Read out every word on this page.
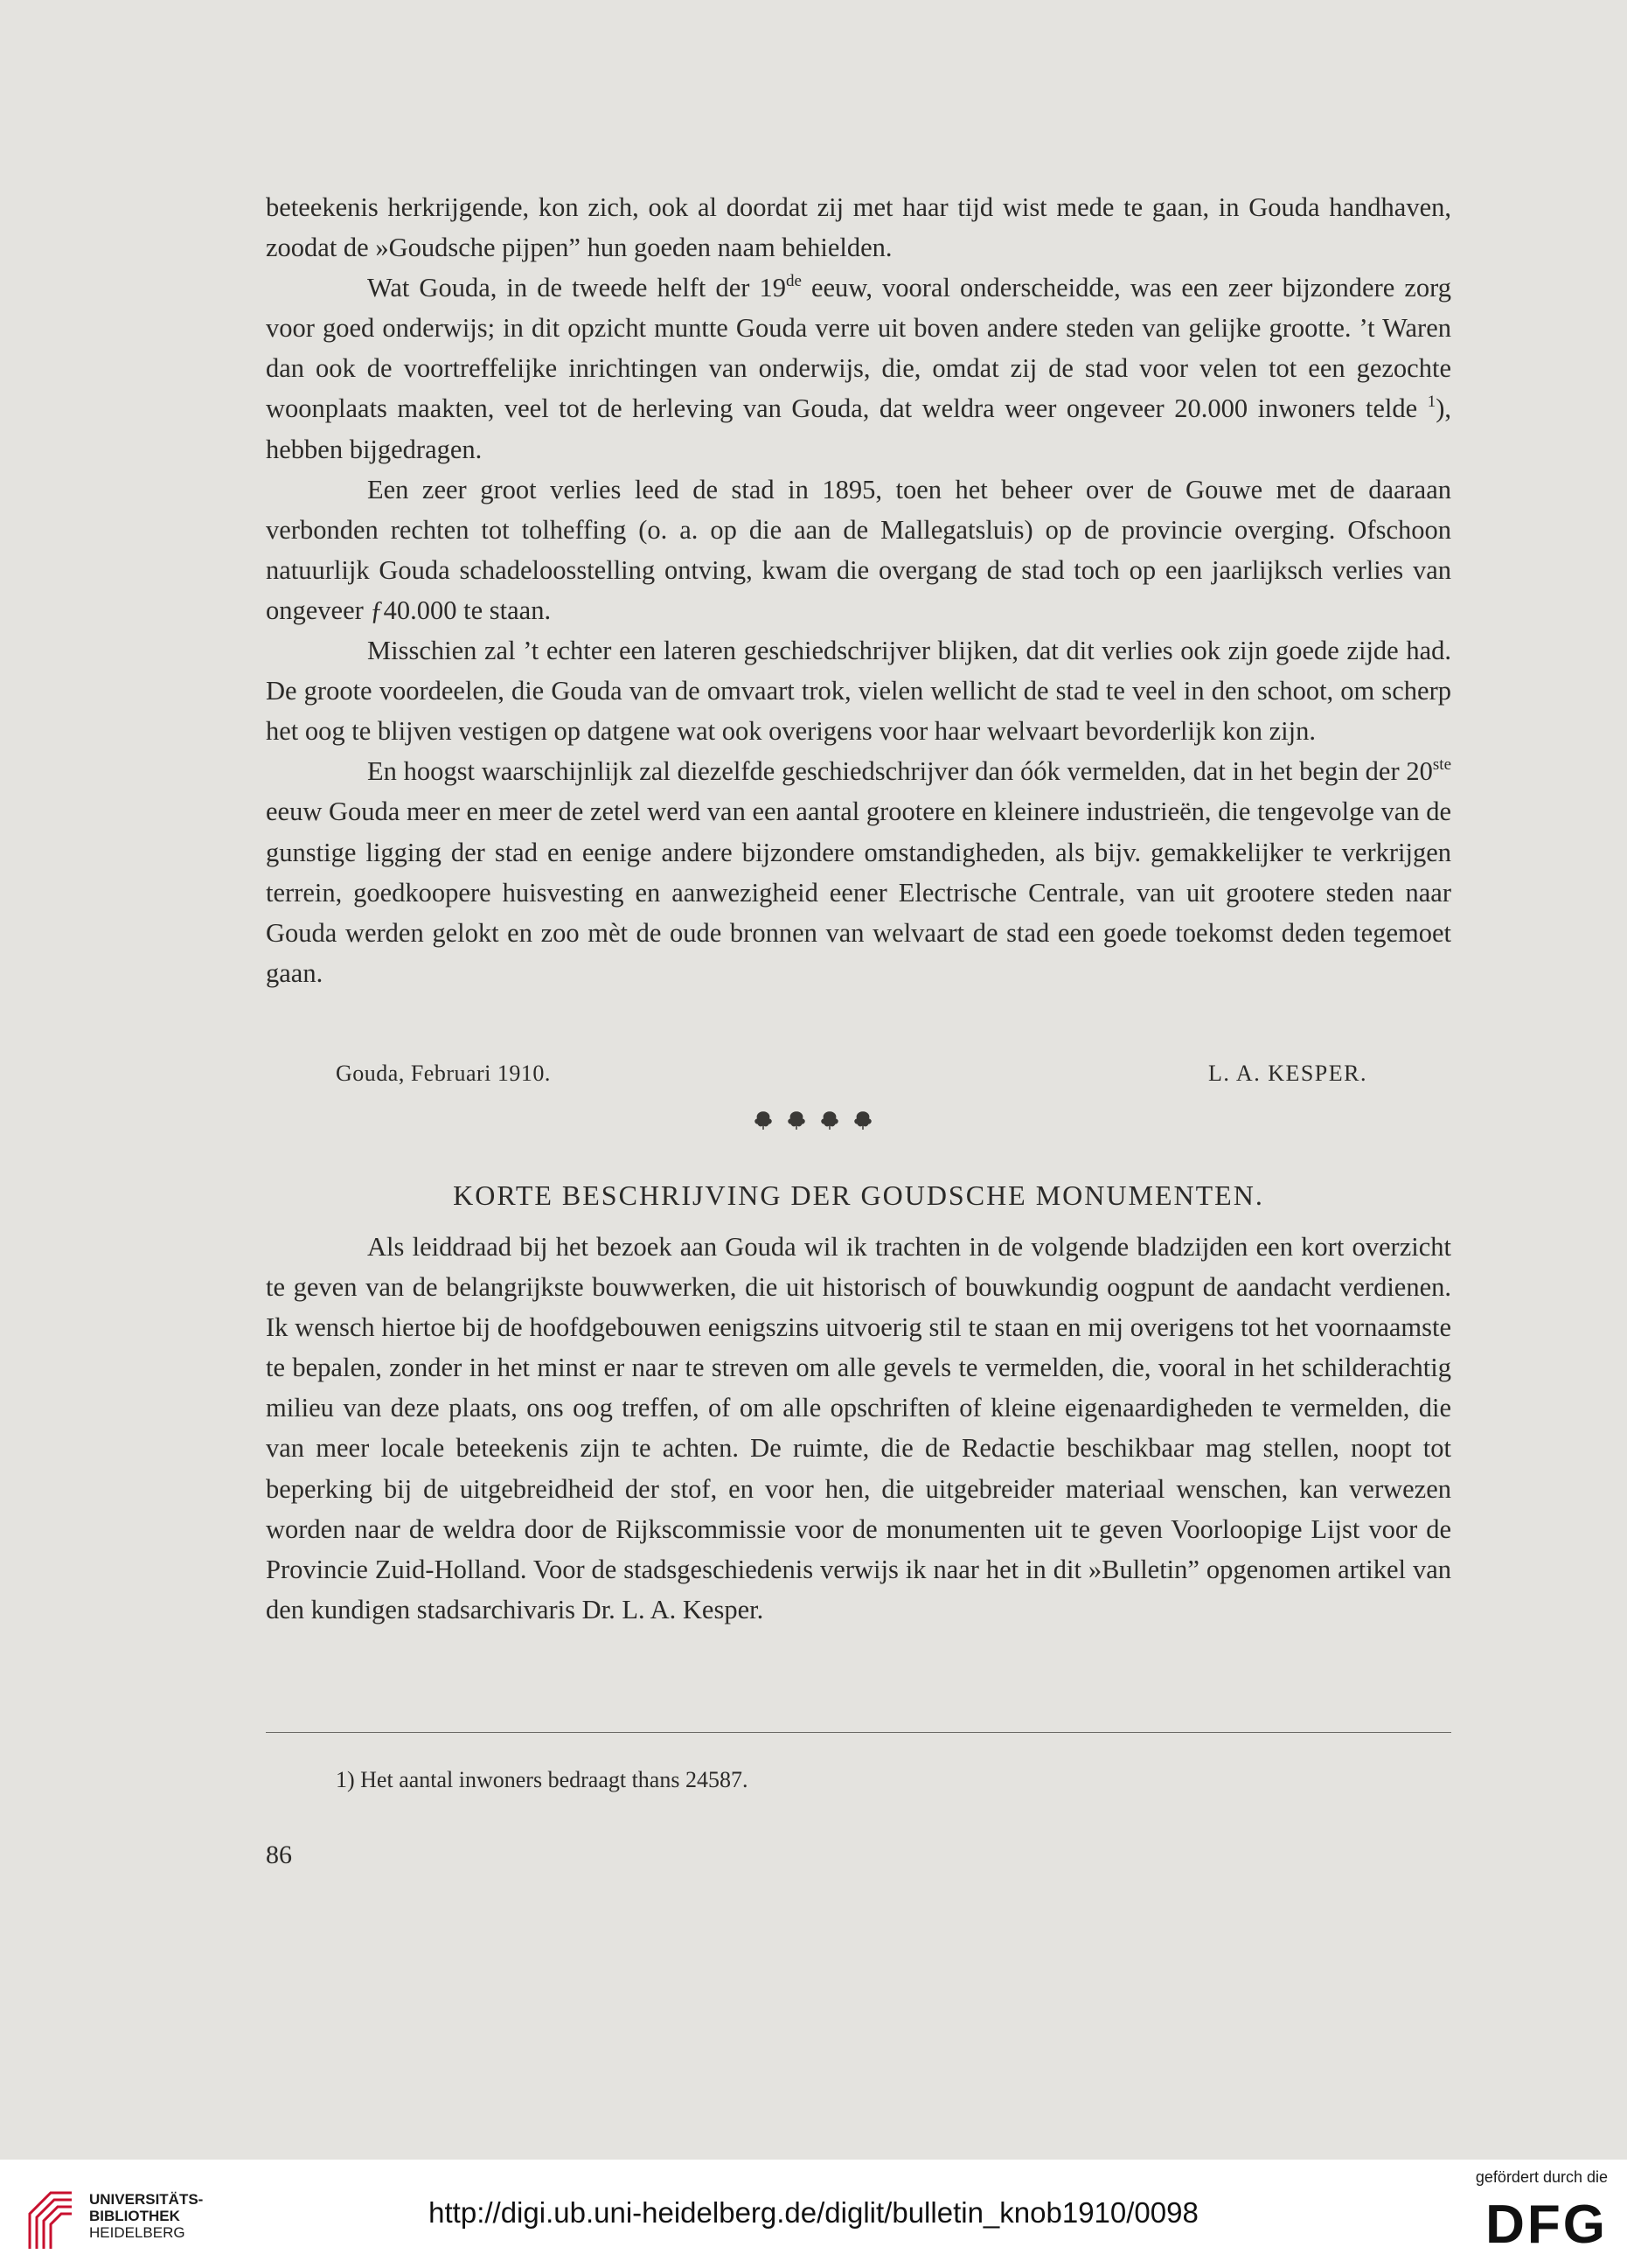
beteekenis herkrijgende, kon zich, ook al doordat zij met haar tijd wist mede te gaan, in Gouda handhaven, zoodat de »Goudsche pijpen” hun goeden naam behielden.

Wat Gouda, in de tweede helft der 19de eeuw, vooral onderscheidde, was een zeer bijzondere zorg voor goed onderwijs; in dit opzicht muntte Gouda verre uit boven andere steden van gelijke grootte. ’t Waren dan ook de voortreffelijke inrichtingen van onderwijs, die, omdat zij de stad voor velen tot een gezochte woonplaats maakten, veel tot de herleving van Gouda, dat weldra weer ongeveer 20.000 inwoners telde $^1$), hebben bijgedragen.

Een zeer groot verlies leed de stad in 1895, toen het beheer over de Gouwe met de daaraan verbonden rechten tot tolheffing (o. a. op die aan de Mallegatsluis) op de provincie overging. Ofschoon natuurlijk Gouda schadeloosstelling ontving, kwam die overgang de stad toch op een jaarlijksch verlies van ongeveer ƒ40.000 te staan.

Misschien zal ’t echter een lateren geschiedschrijver blijken, dat dit verlies ook zijn goede zijde had. De groote voordeelen, die Gouda van de omvaart trok, vielen wellicht de stad te veel in den schoot, om scherp het oog te blijven vestigen op datgene wat ook overigens voor haar welvaart bevorderlijk kon zijn.

En hoogst waarschijnlijk zal diezelfde geschiedschrijver dan óók vermelden, dat in het begin der 20ste eeuw Gouda meer en meer de zetel werd van een aantal grootere en kleinere industrieën, die tengevolge van de gunstige ligging der stad en eenige andere bijzondere omstandigheden, als bijv. gemakkelijker te verkrijgen terrein, goedkoopere huisvesting en aanwezigheid eener Electrische Centrale, van uit grootere steden naar Gouda werden gelokt en zoo mèt de oude bronnen van welvaart de stad een goede toekomst deden tegemoet gaan.

Gouda, Februari 1910.	L. A. KESPER.
KORTE BESCHRIJVING DER GOUDSCHE MONUMENTEN.

Als leiddraad bij het bezoek aan Gouda wil ik trachten in de volgende bladzijden een kort overzicht te geven van de belangrijkste bouwwerken, die uit historisch of bouwkundig oogpunt de aandacht verdienen. Ik wensch hiertoe bij de hoofdgebouwen eenigszins uitvoerig stil te staan en mij overigens tot het voornaamste te bepalen, zonder in het minst er naar te streven om alle gevels te vermelden, die, vooral in het schilderachtig milieu van deze plaats, ons oog treffen, of om alle opschriften of kleine eigenaardigheden te vermelden, die van meer locale beteekenis zijn te achten. De ruimte, die de Redactie beschikbaar mag stellen, noopt tot beperking bij de uitgebreidheid der stof, en voor hen, die uitgebreider materiaal wenschen, kan verwezen worden naar de weldra door de Rijkscommissie voor de monumenten uit te geven Voorloopige Lijst voor de Provincie Zuid-Holland. Voor de stadsgeschiedenis verwijs ik naar het in dit »Bulletin” opgenomen artikel van den kundigen stadsarchivaris Dr. L. A. Kesper.

1) Het aantal inwoners bedraagt thans 24587.
86
UNIVERSITÄTS-
BIBLIOTHEK
HEIDELBERG
http://digi.ub.uni-heidelberg.de/diglit/bulletin_knob1910/0098
gefördert durch die
DFG
